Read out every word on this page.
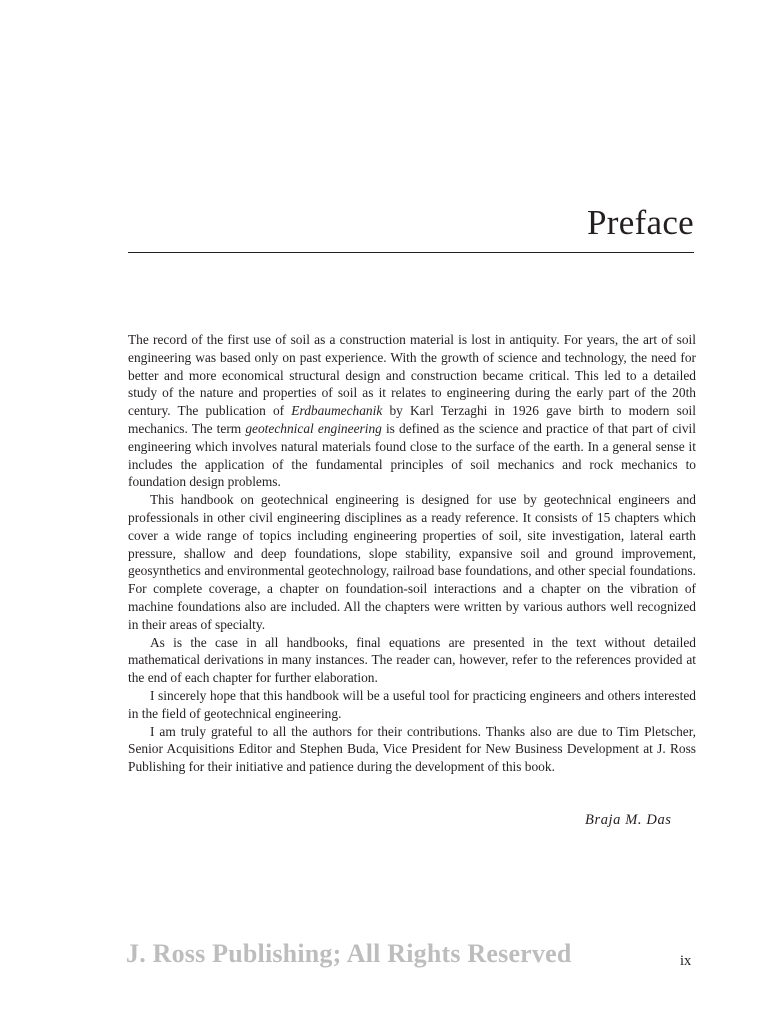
Preface

The record of the first use of soil as a construction material is lost in antiquity. For years, the art of soil engineering was based only on past experience. With the growth of science and technology, the need for better and more economical structural design and construction became critical. This led to a detailed study of the nature and properties of soil as it relates to engineering during the early part of the 20th century. The publication of Erdbaumechanik by Karl Terzaghi in 1926 gave birth to modern soil mechanics. The term geotechnical engineering is defined as the science and practice of that part of civil engineering which involves natural materials found close to the surface of the earth. In a general sense it includes the application of the fundamental principles of soil mechanics and rock mechanics to foundation design problems.

This handbook on geotechnical engineering is designed for use by geotechnical engineers and professionals in other civil engineering disciplines as a ready reference. It consists of 15 chapters which cover a wide range of topics including engineering properties of soil, site investigation, lateral earth pressure, shallow and deep foundations, slope stability, expansive soil and ground improvement, geosynthetics and environmental geotechnology, railroad base foundations, and other special foundations. For complete coverage, a chapter on foundation-soil interactions and a chapter on the vibration of machine foundations also are included. All the chapters were written by various authors well recognized in their areas of specialty.

As is the case in all handbooks, final equations are presented in the text without detailed mathematical derivations in many instances. The reader can, however, refer to the references provided at the end of each chapter for further elaboration.

I sincerely hope that this handbook will be a useful tool for practicing engineers and others interested in the field of geotechnical engineering.

I am truly grateful to all the authors for their contributions. Thanks also are due to Tim Pletscher, Senior Acquisitions Editor and Stephen Buda, Vice President for New Business Development at J. Ross Publishing for their initiative and patience during the development of this book.

Braja M. Das
J. Ross Publishing; All Rights Reserved	ix
